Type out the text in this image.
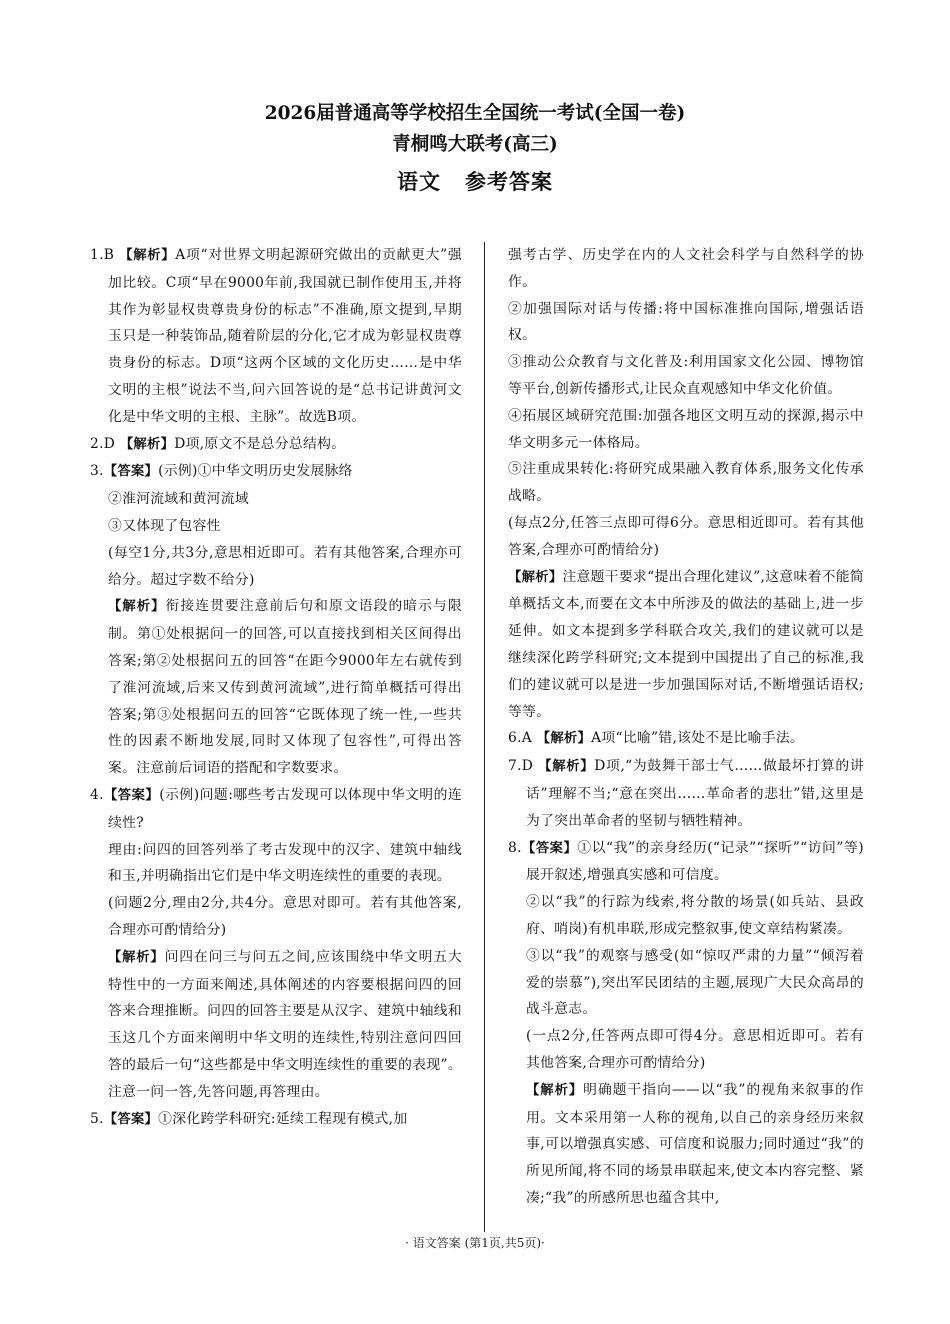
2026届普通高等学校招生全国统一考试(全国一卷)
青桐鸣大联考(高三)
语文 参考答案

1.B 【解析】A项“对世界文明起源研究做出的贡献更大”强加比较。C项“早在9000年前,我国就已制作使用玉,并将其作为彰显权贵尊贵身份的标志”不准确,原文提到,早期玉只是一种装饰品,随着阶层的分化,它才成为彰显权贵尊贵身份的标志。D项“这两个区域的文化历史……是中华文明的主根”说法不当,问六回答说的是“总书记讲黄河文化是中华文明的主根、主脉”。故选B项。

2.D 【解析】D项,原文不是总分总结构。

3.【答案】(示例)①中华文明历史发展脉络

②淮河流域和黄河流域

③又体现了包容性

(每空1分,共3分,意思相近即可。若有其他答案,合理亦可给分。超过字数不给分)

【解析】衔接连贯要注意前后句和原文语段的暗示与限制。第①处根据问一的回答,可以直接找到相关区间得出答案;第②处根据问五的回答“在距今9000年左右就传到了淮河流域,后来又传到黄河流域”,进行简单概括可得出答案;第③处根据问五的回答“它既体现了统一性,一些共性的因素不断地发展,同时又体现了包容性”,可得出答案。注意前后词语的搭配和字数要求。

4.【答案】(示例)问题:哪些考古发现可以体现中华文明的连续性?

理由:问四的回答列举了考古发现中的汉字、建筑中轴线和玉,并明确指出它们是中华文明连续性的重要的表现。

(问题2分,理由2分,共4分。意思对即可。若有其他答案,合理亦可酌情给分)

【解析】问四在问三与问五之间,应该围绕中华文明五大特性中的一方面来阐述,具体阐述的内容要根据问四的回答来合理推断。问四的回答主要是从汉字、建筑中轴线和玉这几个方面来阐明中华文明的连续性,特别注意问四回答的最后一句“这些都是中华文明连续性的重要的表现”。注意一问一答,先答问题,再答理由。

5.【答案】①深化跨学科研究:延续工程现有模式,加

强考古学、历史学在内的人文社会科学与自然科学的协作。

②加强国际对话与传播:将中国标准推向国际,增强话语权。

③推动公众教育与文化普及:利用国家文化公园、博物馆等平台,创新传播形式,让民众直观感知中华文化价值。

④拓展区域研究范围:加强各地区文明互动的探源,揭示中华文明多元一体格局。

⑤注重成果转化:将研究成果融入教育体系,服务文化传承战略。

(每点2分,任答三点即可得6分。意思相近即可。若有其他答案,合理亦可酌情给分)

【解析】注意题干要求“提出合理化建议”,这意味着不能简单概括文本,而要在文本中所涉及的做法的基础上,进一步延伸。如文本提到多学科联合攻关,我们的建议就可以是继续深化跨学科研究;文本提到中国提出了自己的标准,我们的建议就可以是进一步加强国际对话,不断增强话语权;等等。

6.A 【解析】A项“比喻”错,该处不是比喻手法。

7.D 【解析】D项,“为鼓舞干部士气……做最坏打算的讲话”理解不当;“意在突出……革命者的悲壮”错,这里是为了突出革命者的坚韧与牺牲精神。

8.【答案】①以“我”的亲身经历(“记录”“探听”“访问”等)展开叙述,增强真实感和可信度。

②以“我”的行踪为线索,将分散的场景(如兵站、县政府、哨岗)有机串联,形成完整叙事,使文章结构紧凑。

③以“我”的观察与感受(如“惊叹严肃的力量”“倾泻着爱的崇慕”),突出军民团结的主题,展现广大民众高昂的战斗意志。

(一点2分,任答两点即可得4分。意思相近即可。若有其他答案,合理亦可酌情给分)

【解析】明确题干指向——以“我”的视角来叙事的作用。文本采用第一人称的视角,以自己的亲身经历来叙事,可以增强真实感、可信度和说服力;同时通过“我”的所见所闻,将不同的场景串联起来,使文本内容完整、紧凑;“我”的所感所思也蕴含其中,

· 语文答案 (第1页,共5页)·
